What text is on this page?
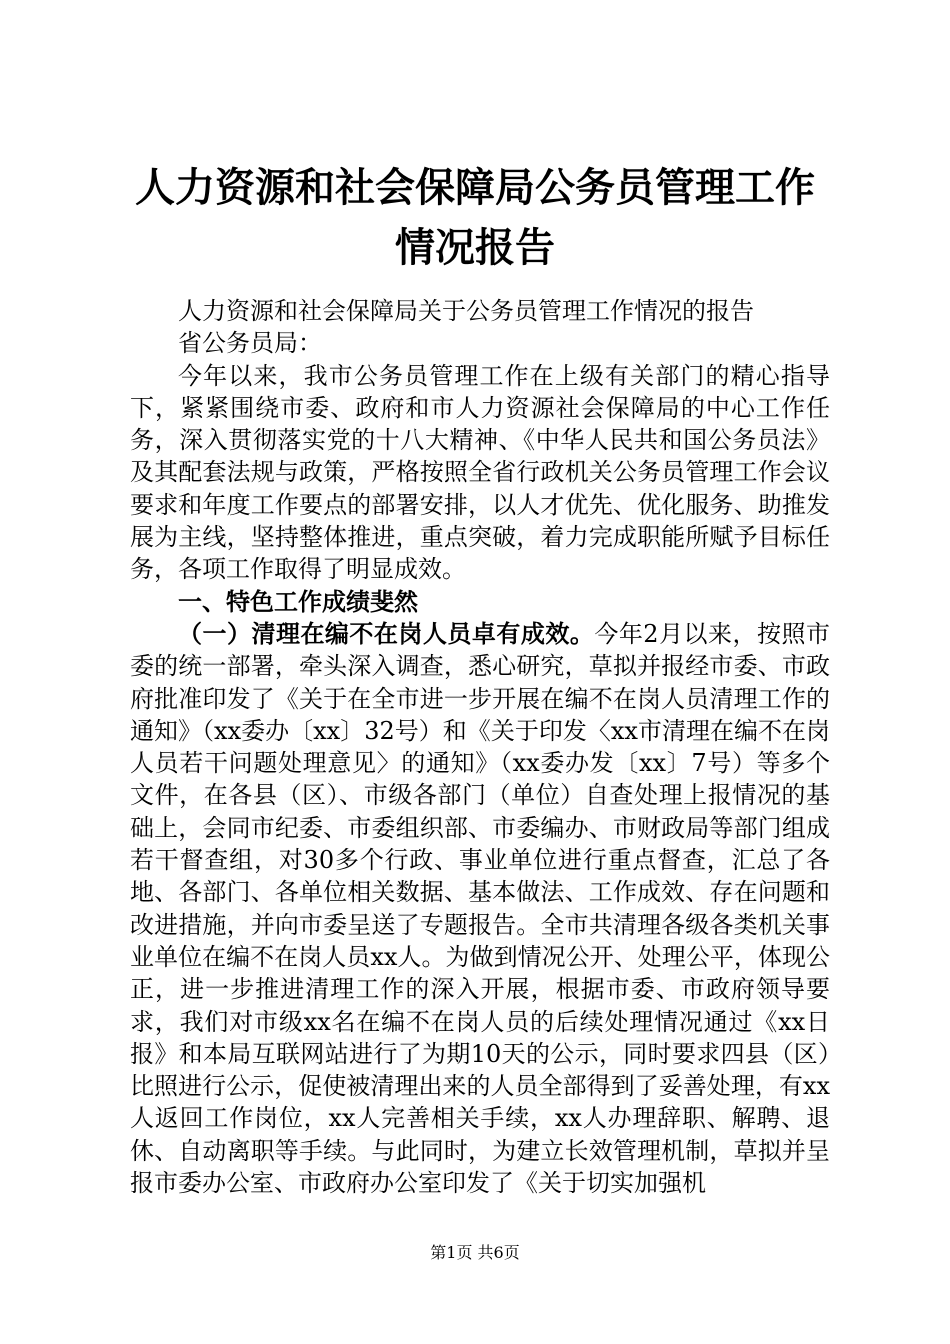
人力资源和社会保障局公务员管理工作情况报告

人力资源和社会保障局关于公务员管理工作情况的报告

省公务员局：

今年以来，我市公务员管理工作在上级有关部门的精心指导下，紧紧围绕市委、政府和市人力资源社会保障局的中心工作任务，深入贯彻落实党的十八大精神、《中华人民共和国公务员法》及其配套法规与政策，严格按照全省行政机关公务员管理工作会议要求和年度工作要点的部署安排，以人才优先、优化服务、助推发展为主线，坚持整体推进，重点突破，着力完成职能所赋予目标任务，各项工作取得了明显成效。

一、特色工作成绩斐然

（一）清理在编不在岗人员卓有成效。今年2月以来，按照市委的统一部署，牵头深入调查，悉心研究，草拟并报经市委、市政府批准印发了《关于在全市进一步开展在编不在岗人员清理工作的通知》（xx委办〔xx〕32号）和《关于印发〈xx市清理在编不在岗人员若干问题处理意见〉的通知》（xx委办发〔xx〕7号）等多个文件，在各县（区）、市级各部门（单位）自查处理上报情况的基础上，会同市纪委、市委组织部、市委编办、市财政局等部门组成若干督查组，对30多个行政、事业单位进行重点督查，汇总了各地、各部门、各单位相关数据、基本做法、工作成效、存在问题和改进措施，并向市委呈送了专题报告。全市共清理各级各类机关事业单位在编不在岗人员xx人。为做到情况公开、处理公平，体现公正，进一步推进清理工作的深入开展，根据市委、市政府领导要求，我们对市级xx名在编不在岗人员的后续处理情况通过《xx日报》和本局互联网站进行了为期10天的公示，同时要求四县（区）比照进行公示，促使被清理出来的人员全部得到了妥善处理，有xx人返回工作岗位，xx人完善相关手续，xx人办理辞职、解聘、退休、自动离职等手续。与此同时，为建立长效管理机制，草拟并呈报市委办公室、市政府办公室印发了《关于切实加强机

第1页 共6页
